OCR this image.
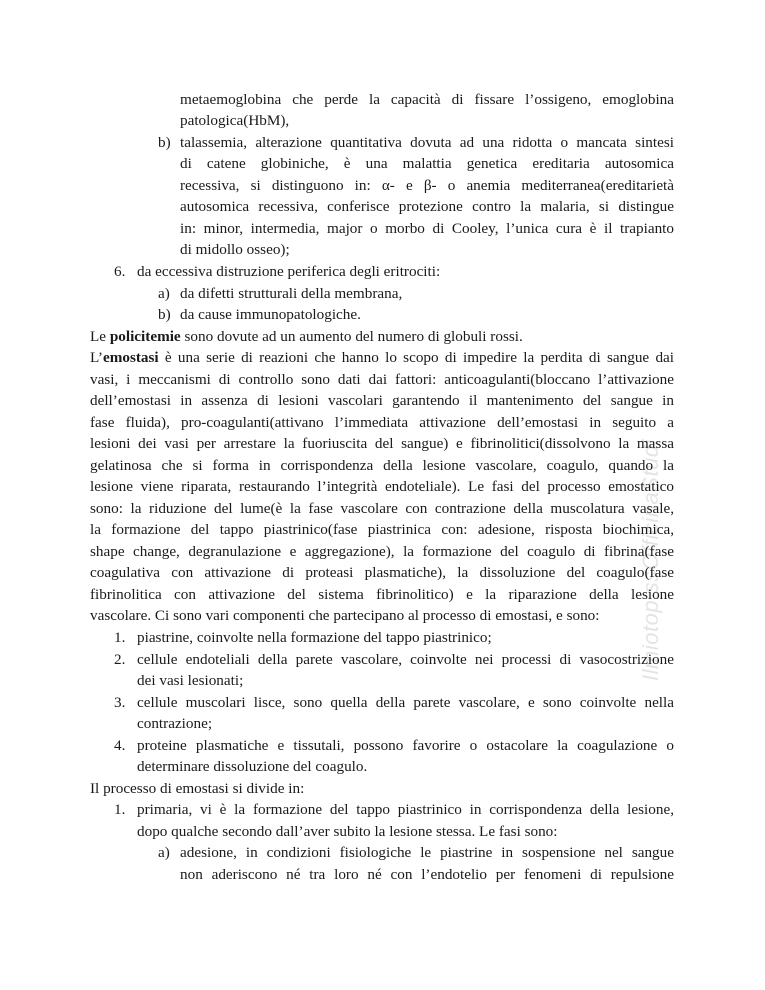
Ilmiotop.ssOfficinaStudi
metaemoglobina che perde la capacità di fissare l’ossigeno, emoglobina
patologica(HbM),
b) talassemia, alterazione quantitativa dovuta ad una ridotta o mancata sintesi
di catene globiniche, è una malattia genetica ereditaria autosomica
recessiva, si distinguono in: α- e β- o anemia mediterranea(ereditarietà
autosomica recessiva, conferisce protezione contro la malaria, si distingue
in: minor, intermedia, major o morbo di Cooley, l’unica cura è il trapianto
di midollo osseo);
6. da eccessiva distruzione periferica degli eritrociti:
a) da difetti strutturali della membrana,
b) da cause immunopatologiche.
Le policitemie sono dovute ad un aumento del numero di globuli rossi.
L’emostasi è una serie di reazioni che hanno lo scopo di impedire la perdita di sangue dai
vasi, i meccanismi di controllo sono dati dai fattori: anticoagulanti(bloccano l’attivazione
dell’emostasi in assenza di lesioni vascolari garantendo il mantenimento del sangue in
fase fluida), pro-coagulanti(attivano l’immediata attivazione dell’emostasi in seguito a
lesioni dei vasi per arrestare la fuoriuscita del sangue) e fibrinolitici(dissolvono la massa
gelatinosa che si forma in corrispondenza della lesione vascolare, coagulo, quando la
lesione viene riparata, restaurando l’integrità endoteliale). Le fasi del processo emostatico
sono: la riduzione del lume(è la fase vascolare con contrazione della muscolatura vasale,
la formazione del tappo piastrinico(fase piastrinica con: adesione, risposta biochimica,
shape change, degranulazione e aggregazione), la formazione del coagulo di fibrina(fase
coagulativa con attivazione di proteasi plasmatiche), la dissoluzione del coagulo(fase
fibrinolitica con attivazione del sistema fibrinolitico) e la riparazione della lesione
vascolare. Ci sono vari componenti che partecipano al processo di emostasi, e sono:
1. piastrine, coinvolte nella formazione del tappo piastrinico;
2. cellule endoteliali della parete vascolare, coinvolte nei processi di vasocostrizione
dei vasi lesionati;
3. cellule muscolari lisce, sono quella della parete vascolare, e sono coinvolte nella
contrazione;
4. proteine plasmatiche e tissutali, possono favorire o ostacolare la coagulazione o
determinare dissoluzione del coagulo.
Il processo di emostasi si divide in:
1. primaria, vi è la formazione del tappo piastrinico in corrispondenza della lesione,
dopo qualche secondo dall’aver subito la lesione stessa. Le fasi sono:
a) adesione, in condizioni fisiologiche le piastrine in sospensione nel sangue
non aderiscono né tra loro né con l’endotelio per fenomeni di repulsione
